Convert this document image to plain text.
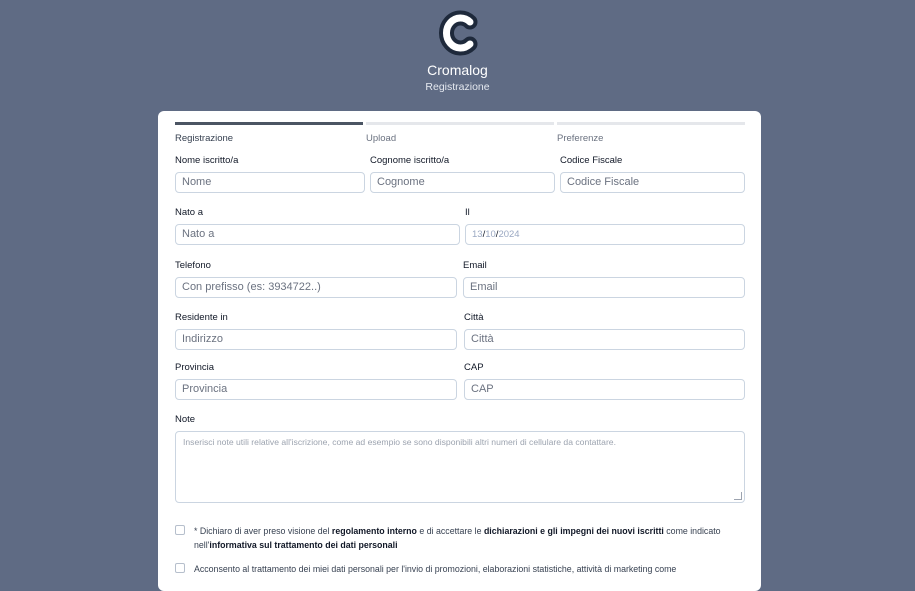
Cromalog
Registrazione
Registrazione	Upload	Preferenze
Nome iscritto/a
Nome
Cognome iscritto/a
Cognome
Codice Fiscale
Codice Fiscale
Nato a
Nato a
Il
13/10/2024
Telefono
Con prefisso (es: 3934722..)
Email
Email
Residente in
Indirizzo
Città
Città
Provincia
Provincia
CAP
CAP
Note
Inserisci note utili relative all'iscrizione, come ad esempio se sono disponibili altri numeri di cellulare da contattare.
* Dichiaro di aver preso visione del regolamento interno e di accettare le dichiarazioni e gli impegni dei nuovi iscritti come indicato nell'informativa sul trattamento dei dati personali
Acconsento al trattamento dei miei dati personali per l'invio di promozioni, elaborazioni statistiche, attività di marketing come
